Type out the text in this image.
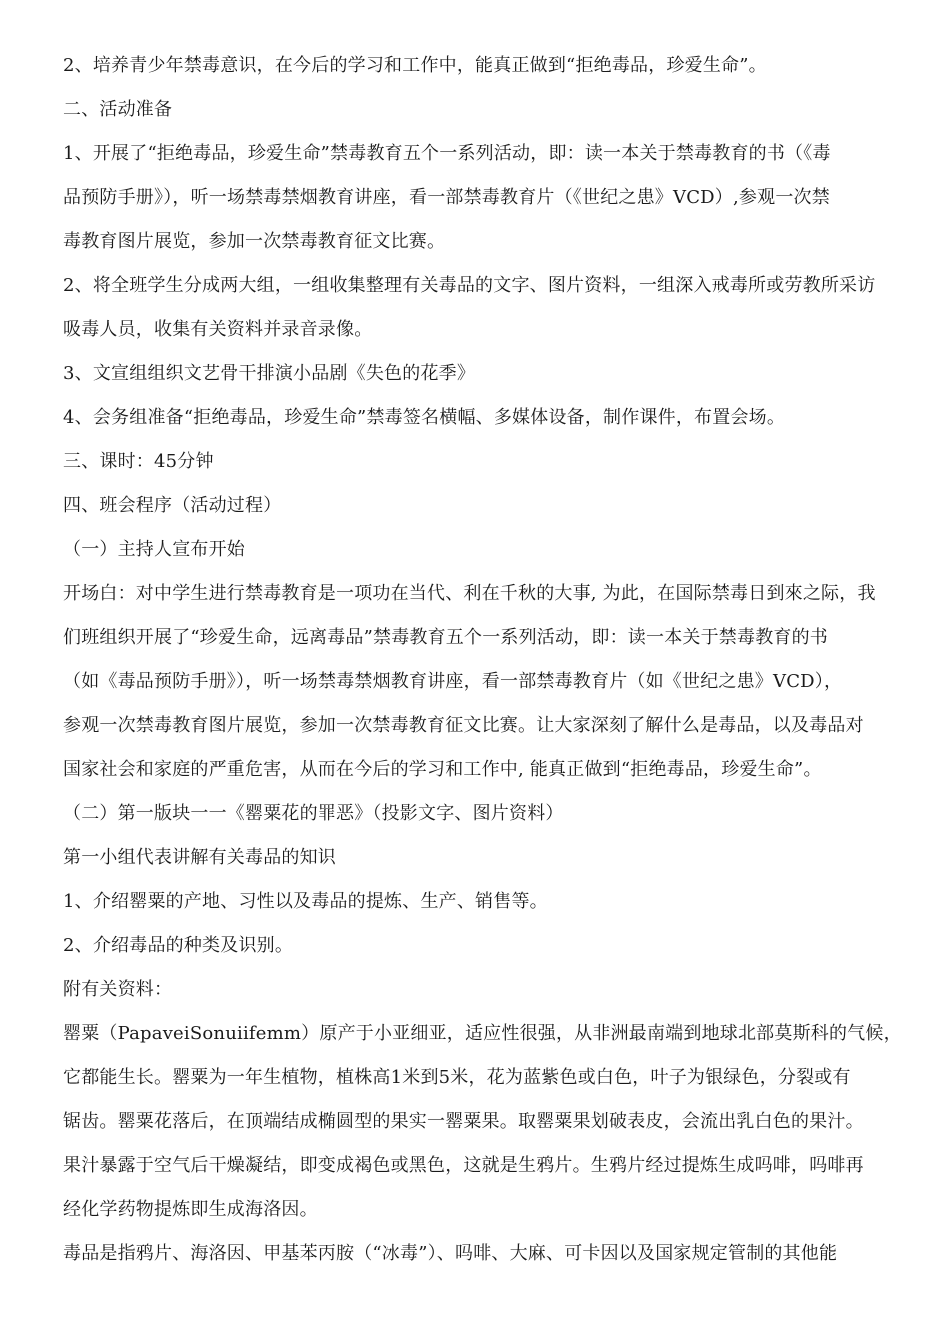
2、培养青少年禁毒意识，在今后的学习和工作中，能真正做到“拒绝毒品，珍爱生命”。
二、活动准备
1、开展了“拒绝毒品，珍爱生命”禁毒教育五个一系列活动，即：读一本关于禁毒教育的书（《毒
品预防手册》），听一场禁毒禁烟教育讲座，看一部禁毒教育片（《世纪之患》VCD）,参观一次禁
毒教育图片展览，参加一次禁毒教育征文比赛。
2、将全班学生分成两大组，一组收集整理有关毒品的文字、图片资料，一组深入戒毒所或劳教所采访
吸毒人员，收集有关资料并录音录像。
3、文宣组组织文艺骨干排演小品剧《失色的花季》
4、会务组准备“拒绝毒品，珍爱生命”禁毒签名横幅、多媒体设备，制作课件，布置会场。
三、课时：45分钟
四、班会程序（活动过程）
（一）主持人宣布开始
开场白：对中学生进行禁毒教育是一项功在当代、利在千秋的大事, 为此，在国际禁毒日到來之际，我
们班组织开展了“珍爱生命，远离毒品”禁毒教育五个一系列活动，即：读一本关于禁毒教育的书
（如《毒品预防手册》），听一场禁毒禁烟教育讲座，看一部禁毒教育片（如《世纪之患》VCD），
参观一次禁毒教育图片展览，参加一次禁毒教育征文比赛。让大家深刻了解什么是毒品，以及毒品对
国家社会和家庭的严重危害，从而在今后的学习和工作中, 能真正做到“拒绝毒品，珍爱生命”。
（二）第一版块一一《罂粟花的罪恶》（投影文字、图片资料）
第一小组代表讲解有关毒品的知识
1、介绍罂粟的产地、习性以及毒品的提炼、生产、销售等。
2、介绍毒品的种类及识别。
附有关资料：
罂粟（PapaveiSonuiifemm）原产于小亚细亚，适应性很强，从非洲最南端到地球北部莫斯科的气候，
它都能生长。罂粟为一年生植物，植株高1米到5米，花为蓝紫色或白色，叶子为银绿色，分裂或有
锯齿。罂粟花落后，在顶端结成椭圆型的果实一罂粟果。取罂粟果划破表皮，会流出乳白色的果汁。
果汁暴露于空气后干燥凝结，即变成褐色或黑色，这就是生鸦片。生鸦片经过提炼生成吗啡，吗啡再
经化学药物提炼即生成海洛因。
毒品是指鸦片、海洛因、甲基苯丙胺（“冰毒”）、吗啡、大麻、可卡因以及国家规定管制的其他能
